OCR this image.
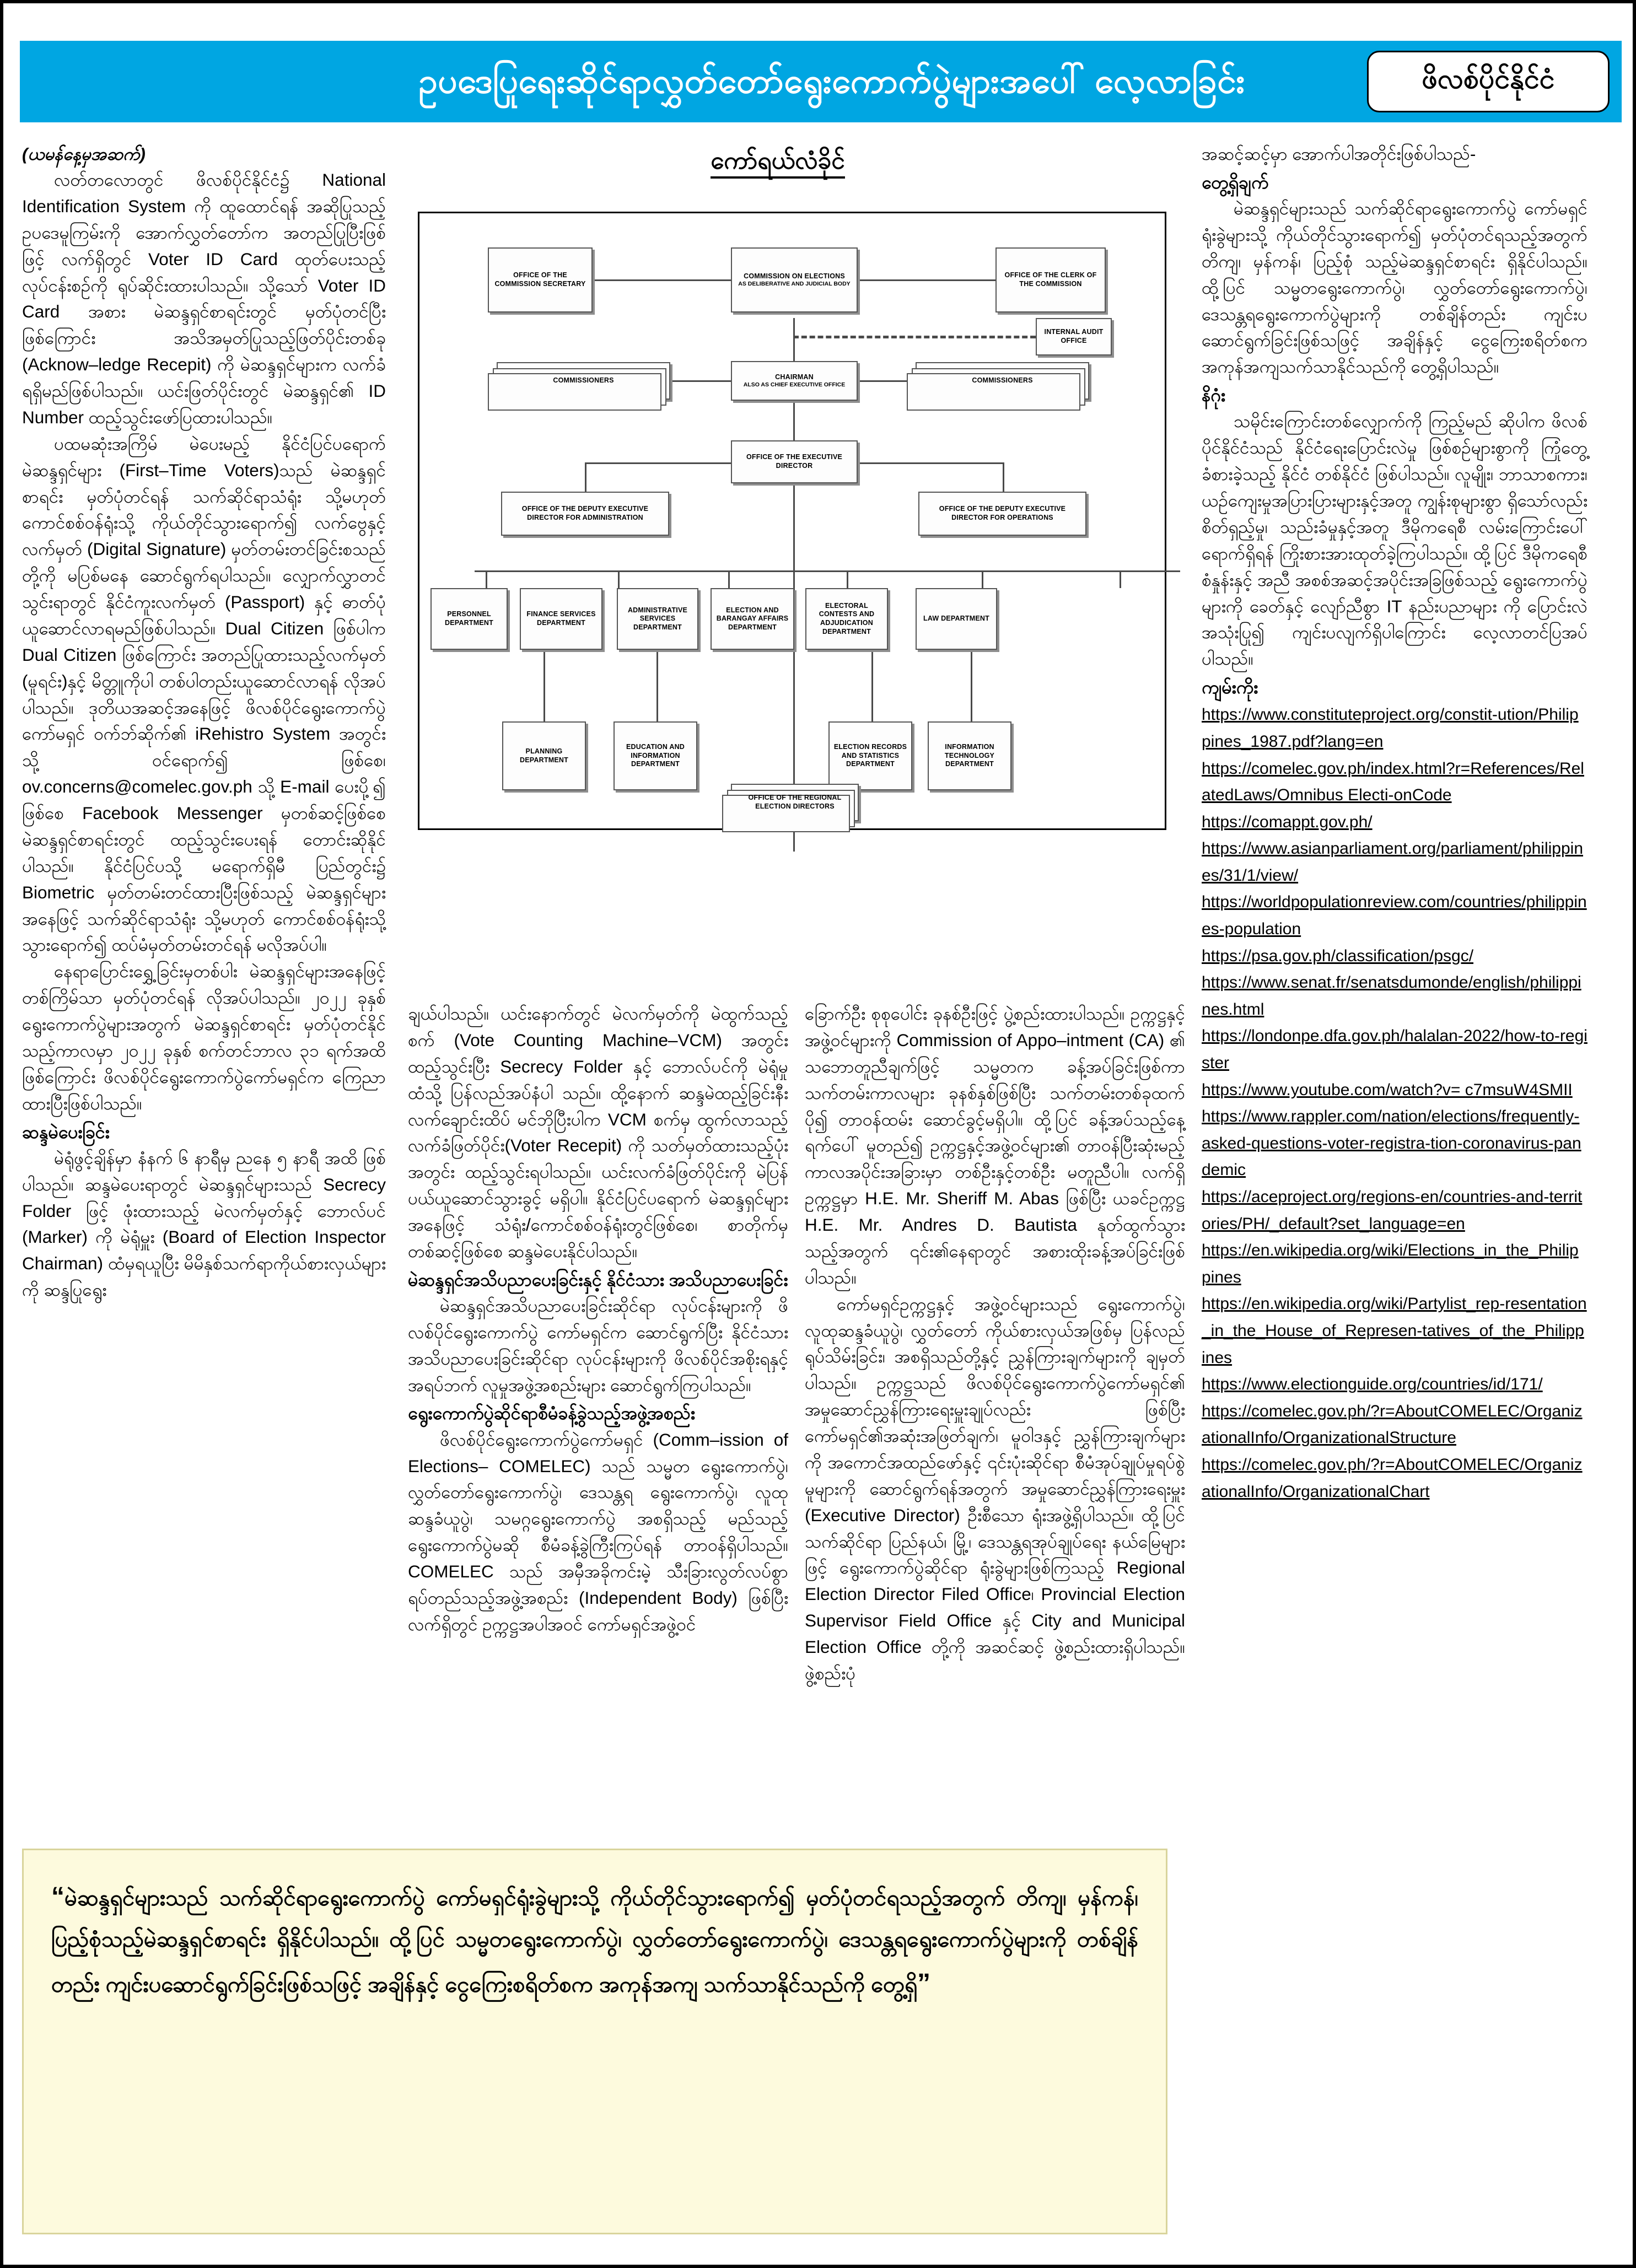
ဥပဒေပြုရေးဆိုင်ရာလွှတ်တော်ရွေးကောက်ပွဲများအပေါ် လေ့လာခြင်း	ဖိလစ်ပိုင်နိုင်ငံ
ကော်ရယ်လံခိုင်
OFFICE OF THE COMMISSION SECRETARY
COMMISSION ON ELECTIONS
AS DELIBERATIVE AND JUDICIAL BODY
OFFICE OF THE CLERK OF THE COMMISSION
COMMISSIONERS	CHAIRMAN
ALSO AS CHIEF EXECUTIVE OFFICE
COMMISSIONERS
INTERNAL AUDIT OFFICE
OFFICE OF THE EXECUTIVE DIRECTOR
OFFICE OF THE DEPUTY EXECUTIVE DIRECTOR FOR ADMINISTRATION
OFFICE OF THE DEPUTY EXECUTIVE DIRECTOR FOR OPERATIONS
PERSONNEL DEPARTMENT
FINANCE SERVICES DEPARTMENT
ADMINISTRATIVE SERVICES DEPARTMENT
ELECTION AND BARANGAY AFFAIRS DEPARTMENT
ELECTORAL CONTESTS AND ADJUDICATION DEPARTMENT
LAW DEPARTMENT
PLANNING DEPARTMENT
EDUCATION AND INFORMATION DEPARTMENT
ELECTION RECORDS AND STATISTICS DEPARTMENT
INFORMATION TECHNOLOGY DEPARTMENT
OFFICE OF THE REGIONAL ELECTION DIRECTORS

(ယမန်နေ့မှအဆက်)

လတ်တလောတွင် ဖိလစ်ပိုင်နိုင်ငံ၌ National Identification System ကို ထူထောင်ရန် အဆိုပြုသည့် ဥပဒေမူကြမ်းကို အောက်လွှတ်တော်က အတည်ပြုပြီးဖြစ်ဖြင့် လက်ရှိတွင် Voter ID Card ထုတ်ပေးသည့်လုပ်ငန်းစဉ်ကို ရုပ်ဆိုင်းထားပါသည်။ သို့သော် Voter ID Card အစား မဲဆန္ဒရှင်စာရင်းတွင် မှတ်ပုံတင်ပြီးဖြစ်ကြောင်း အသိအမှတ်ပြုသည့်ဖြတ်ပိုင်းတစ်ခု (Acknow–ledge Recepit) ကို မဲဆန္ဒရှင်များက လက်ခံရရှိမည်ဖြစ်ပါသည်။ ယင်းဖြတ်ပိုင်းတွင် မဲဆန္ဒရှင်၏ ID Number ထည့်သွင်းဖော်ပြထားပါသည်။

ပထမဆုံးအကြိမ် မဲပေးမည့် နိုင်ငံပြင်ပရောက်မဲဆန္ဒရှင်များ (First–Time Voters)သည် မဲဆန္ဒရှင်စာရင်း မှတ်ပုံတင်ရန် သက်ဆိုင်ရာသံရုံး သို့မဟုတ် ကောင်စစ်ဝန်ရုံးသို့ ကိုယ်တိုင်သွားရောက်၍ လက်ဗွေနှင့် လက်မှတ် (Digital Signature) မှတ်တမ်းတင်ခြင်းစသည်တို့ကို မပြစ်မနေ ဆောင်ရွက်ရပါသည်။ လျှောက်လွှာတင်သွင်းရာတွင် နိုင်ငံကူးလက်မှတ် (Passport) နှင့် ဓာတ်ပုံ ယူဆောင်လာရမည်ဖြစ်ပါသည်။ Dual Citizen ဖြစ်ပါက Dual Citizen ဖြစ်ကြောင်း အတည်ပြုထားသည့်လက်မှတ် (မူရင်း)နှင့် မိတ္တူကိုပါ တစ်ပါတည်းယူဆောင်လာရန် လိုအပ်ပါသည်။ ဒုတိယအဆင့်အနေဖြင့် ဖိလစ်ပိုင်ရွေးကောက်ပွဲကော်မရှင် ဝက်ဘ်ဆိုက်၏ iRehistro System အတွင်းသို့ ဝင်ရောက်၍ ဖြစ်စေ၊ ov.concerns@comelec.gov.ph သို့ E-mail ပေးပို့၍ ဖြစ်စေ Facebook Messenger မှတစ်ဆင့်ဖြစ်စေ မဲဆန္ဒရှင်စာရင်းတွင် ထည့်သွင်းပေးရန် တောင်းဆိုနိုင်ပါသည်။ နိုင်ငံပြင်ပသို့ မရောက်ရှိမီ ပြည်တွင်း၌ Biometric မှတ်တမ်းတင်ထားပြီးဖြစ်သည့် မဲဆန္ဒရှင်များအနေဖြင့် သက်ဆိုင်ရာသံရုံး သို့မဟုတ် ကောင်စစ်ဝန်ရုံးသို့ သွားရောက်၍ ထပ်မံမှတ်တမ်းတင်ရန် မလိုအပ်ပါ။

နေရာပြောင်းရွှေ့ခြင်းမှတစ်ပါး မဲဆန္ဒရှင်များအနေဖြင့် တစ်ကြိမ်သာ မှတ်ပုံတင်ရန် လိုအပ်ပါသည်။ ၂၀၂၂ ခုနှစ် ရွေးကောက်ပွဲများအတွက် မဲဆန္ဒရှင်စာရင်း မှတ်ပုံတင်နိုင်သည့်ကာလမှာ ၂၀၂၂ ခုနှစ် စက်တင်ဘာလ ၃၁ ရက်အထိဖြစ်ကြောင်း ဖိလစ်ပိုင်ရွေးကောက်ပွဲကော်မရှင်က ကြေညာထားပြီးဖြစ်ပါသည်။

ဆန္ဒမဲပေးခြင်း

မဲရုံဖွင့်ချိန်မှာ နံနက် ၆ နာရီမှ ညနေ ၅ နာရီ အထိ ဖြစ်ပါသည်။ ဆန္ဒမဲပေးရာတွင် မဲဆန္ဒရှင်များသည် Secrecy Folder ဖြင့် ဖုံးထားသည့် မဲလက်မှတ်နှင့် ဘောလ်ပင် (Marker) ကို မဲရုံမှူး (Board of Election Inspector Chairman) ထံမှရယူပြီး မိမိနှစ်သက်ရာကိုယ်စားလှယ်များကို ဆန္ဒပြုရွေး

ချယ်ပါသည်။ ယင်းနောက်တွင် မဲလက်မှတ်ကို မဲထွက်သည့်စက် (Vote Counting Machine–VCM) အတွင်း ထည့်သွင်းပြီး Secrecy Folder နှင့် ဘောလ်ပင်ကို မဲရုံမှုထံသို့ ပြန်လည်အပ်နံပါ သည်။ ထို့နောက် ဆန္ဒမဲထည့်ခြင်းနီး လက်ချောင်းထိပ် မင်ဘိုပြီးပါက VCM စက်မှ ထွက်လာသည့် လက်ခံဖြတ်ပိုင်း(Voter Recepit) ကို သတ်မှတ်ထားသည့်ပုံးအတွင်း ထည့်သွင်းရပါသည်။ ယင်းလက်ခံဖြတ်ပိုင်းကို မဲပြန်ပယ်ယူဆောင်သွားခွင့် မရှိပါ။ နိုင်ငံပြင်ပရောက် မဲဆန္ဒရှင်များအနေဖြင့် သံရုံး/ကောင်စစ်ဝန်ရုံးတွင်ဖြစ်စေ၊ စာတိုက်မှတစ်ဆင့်ဖြစ်စေ ဆန္ဒမဲပေးနိုင်ပါသည်။

မဲဆန္ဒရှင်အသိပညာပေးခြင်းနှင့် နိုင်ငံသား အသိပညာပေးခြင်း

မဲဆန္ဒရှင်အသိပညာပေးခြင်းဆိုင်ရာ လုပ်ငန်းများကို ဖိလစ်ပိုင်ရွေးကောက်ပွဲ ကော်မရှင်က ဆောင်ရွက်ပြီး နိုင်ငံသားအသိပညာပေးခြင်းဆိုင်ရာ လုပ်ငန်းများကို ဖိလစ်ပိုင်အစိုးရနှင့် အရပ်ဘက် လူမှုအဖွဲ့အစည်းများ ဆောင်ရွက်ကြပါသည်။

ရွေးကောက်ပွဲဆိုင်ရာစီမံခန့်ခွဲသည့်အဖွဲ့အစည်း

ဖိလစ်ပိုင်ရွေးကောက်ပွဲကော်မရှင် (Comm–ission of Elections– COMELEC) သည် သမ္မတ ရွေးကောက်ပွဲ၊ လွှတ်တော်ရွေးကောက်ပွဲ၊ ဒေသန္တရ ရွေးကောက်ပွဲ၊ လူထုဆန္ဒခံယူပွဲ၊ သမဂ္ဂရွေးကောက်ပွဲ အစရှိသည့် မည်သည့်ရွေးကောက်ပွဲမဆို စီမံခန့်ခွဲကြီးကြပ်ရန် တာဝန်ရှိပါသည်။ COMELEC သည် အမှီအခိုကင်းမဲ့ သီးခြားလွတ်လပ်စွာ ရပ်တည်သည့်အဖွဲ့အစည်း (Independent Body) ဖြစ်ပြီး လက်ရှိတွင် ဥက္ကဋ္ဌအပါအဝင် ကော်မရှင်အဖွဲ့ဝင်

ခြောက်ဦး စုစုပေါင်း ခုနစ်ဦးဖြင့် ပွဲ့စည်းထားပါသည်။ ဥက္ကဋ္ဌနှင့်အဖွဲ့ဝင်များကို Commission of Appo–intment (CA) ၏ သဘောတူညီချက်ဖြင့် သမ္မတက ခန့်အပ်ခြင်းဖြစ်ကာ သက်တမ်းကာလများ ခုနစ်နှစ်ဖြစ်ပြီး သက်တမ်းတစ်ခုထက်ပို၍ တာဝန်ထမ်း ဆောင်ခွင့်မရှိပါ။ ထို့ပြင် ခန့်အပ်သည့်နေ့ရက်ပေါ် မူတည်၍ ဥက္ကဋ္ဌနှင့်အဖွဲ့ဝင်များ၏ တာဝန်ပြီးဆုံးမည့် ကာလအပိုင်းအခြားမှာ တစ်ဦးနှင့်တစ်ဦး မတူညီပါ။ လက်ရှိဥက္ကဋ္ဌမှာ H.E. Mr. Sheriff M. Abas ဖြစ်ပြီး ယခင်ဥက္ကဋ္ဌ H.E. Mr. Andres D. Bautista နုတ်ထွက်သွားသည့်အတွက် ၎င်း၏နေရာတွင် အစားထိုးခန့်အပ်ခြင်းဖြစ်ပါသည်။

ကော်မရှင်ဥက္ကဋ္ဌနှင့် အဖွဲ့ဝင်များသည် ရွေးကောက်ပွဲ၊ လူထုဆန္ဒခံယူပွဲ၊ လွှတ်တော် ကိုယ်စားလှယ်အဖြစ်မှ ပြန်လည်ရုပ်သိမ်းခြင်း၊ အစရှိသည်တို့နှင့် ညွှန်ကြားချက်များကို ချမှတ်ပါသည်။ ဥက္ကဋ္ဌသည် ဖိလစ်ပိုင်ရွေးကောက်ပွဲကော်မရှင်၏ အမှုဆောင်ညွှန်ကြားရေးမှူးချုပ်လည်း ဖြစ်ပြီး ကော်မရှင်၏အဆုံးအဖြတ်ချက်၊ မူဝါဒနှင့် ညွှန်ကြားချက်များကို အကောင်အထည်ဖော်နှင့် ၎င်းပုံးဆိုင်ရာ စီမံအုပ်ချုပ်မှုရပ်စွဲမူများကို ဆောင်ရွက်ရန်အတွက် အမှုဆောင်ညွှန်ကြားရေးမှူး (Executive Director) ဦးစီသော ရုံးအဖွဲ့ရှိပါသည်။ ထို့ပြင် သက်ဆိုင်ရာ ပြည်နယ်၊ မြို့၊ ဒေသန္တရအုပ်ချုပ်ရေး နယ်မြေများဖြင့် ရွေးကောက်ပွဲဆိုင်ရာ ရုံးခွဲများဖြစ်ကြသည့် Regional Election Director Filed Office၊ Provincial Election Supervisor Field Office နှင့် City and Municipal Election Office တို့ကို အဆင်ဆင့် ဖွဲ့စည်းထားရှိပါသည်။ ဖွဲ့စည်းပုံ

အဆင့်ဆင့်မှာ အောက်ပါအတိုင်းဖြစ်ပါသည်-

တွေ့ရှိချက်

မဲဆန္ဒရှင်များသည် သက်ဆိုင်ရာရွေးကောက်ပွဲ ကော်မရှင်ရုံးခွဲများသို့ ကိုယ်တိုင်သွားရောက်၍ မှတ်ပုံတင်ရသည့်အတွက် တိကျ၊ မှန်ကန်၊ ပြည့်စုံ သည့်မဲဆန္ဒရှင်စာရင်း ရှိနိုင်ပါသည်။ ထို့ပြင် သမ္မတရွေးကောက်ပွဲ၊ လွှတ်တော်ရွေးကောက်ပွဲ၊ ဒေသန္တရရွေးကောက်ပွဲများကို တစ်ချိန်တည်း ကျင်းပ ဆောင်ရွက်ခြင်းဖြစ်သဖြင့် အချိန်နှင့် ငွေကြေးစရိတ်စက အကုန်အကျသက်သာနိုင်သည်ကို တွေ့ရှိပါသည်။

နိဂုံး

သမိုင်းကြောင်းတစ်လျှောက်ကို ကြည့်မည် ဆိုပါက ဖိလစ်ပိုင်နိုင်ငံသည် နိုင်ငံရေးပြောင်းလဲမှု ဖြစ်စဉ်များစွာကို ကြုံတွေ့ခံစားခဲ့သည့် နိုင်ငံ တစ်နိုင်ငံ ဖြစ်ပါသည်။ လူမျိုး၊ ဘာသာစကား၊ ယဉ်ကျေးမှုအပြားပြားများနှင့်အတူ ကျွန်းစုများစွာ ရှိသော်လည်း စိတ်ရှည့်မှု၊ သည်းခံမှုနှင့်အတူ ဒီမိုကရေစီ လမ်းကြောင်းပေါ်ရောက်ရှိရန် ကြိုးစားအားထုတ်ခဲ့ကြပါသည်။ ထို့ပြင် ဒီမိုကရေစီစံနှုန်းနှင့် အညီ အစစ်အဆင့်အပိုင်းအခြဖြစ်သည့် ရွေးကောက်ပွဲများကို ခေတ်နှင့် လျော်ညီစွာ IT နည်းပညာများ ကို ပြောင်းလဲအသုံးပြု၍ ကျင်းပလျက်ရှိပါကြောင်း လေ့လာတင်ပြအပ်ပါသည်။

ကျမ်းကိုး
https://www.constituteproject.org/constit-ution/Philippines_1987.pdf?lang=en
https://comelec.gov.ph/index.html?r=References/RelatedLaws/Omnibus Electi-onCode
https://comappt.gov.ph/
https://www.asianparliament.org/parliament/philippines/31/1/view/
https://worldpopulationreview.com/countries/philippines-population
https://psa.gov.ph/classification/psgc/
https://www.senat.fr/senatsdumonde/english/philippines.html
https://londonpe.dfa.gov.ph/halalan-2022/how-to-register
https://www.youtube.com/watch?v= c7msuW4SMII
https://www.rappler.com/nation/elections/frequently-asked-questions-voter-registra-tion-coronavirus-pandemic
https://aceproject.org/regions-en/countries-and-territories/PH/_default?set_language=en
https://en.wikipedia.org/wiki/Elections_in_the_Philippines
https://en.wikipedia.org/wiki/Partylist_rep-resentation_in_the_House_of_Represen-tatives_of_the_Philippines
https://www.electionguide.org/countries/id/171/
https://comelec.gov.ph/?r=AboutCOMELEC/OrganizationalInfo/OrganizationalStructure
https://comelec.gov.ph/?r=AboutCOMELEC/OrganizationalInfo/OrganizationalChart
“မဲဆန္ဒရှင်များသည် သက်ဆိုင်ရာရွေးကောက်ပွဲ ကော်မရှင်ရုံးခွဲများသို့ ကိုယ်တိုင်သွားရောက်၍ မှတ်ပုံတင်ရသည့်အတွက် တိကျ၊ မှန်ကန်၊ ပြည့်စုံသည့်မဲဆန္ဒရှင်စာရင်း ရှိနိုင်ပါသည်။ ထို့ပြင် သမ္မတရွေးကောက်ပွဲ၊ လွှတ်တော်ရွေးကောက်ပွဲ၊ ဒေသန္တရရွေးကောက်ပွဲများကို တစ်ချိန်တည်း ကျင်းပဆောင်ရွက်ခြင်းဖြစ်သဖြင့် အချိန်နှင့် ငွေကြေးစရိတ်စက အကုန်အကျ သက်သာနိုင်သည်ကို တွေ့ရှိ”
